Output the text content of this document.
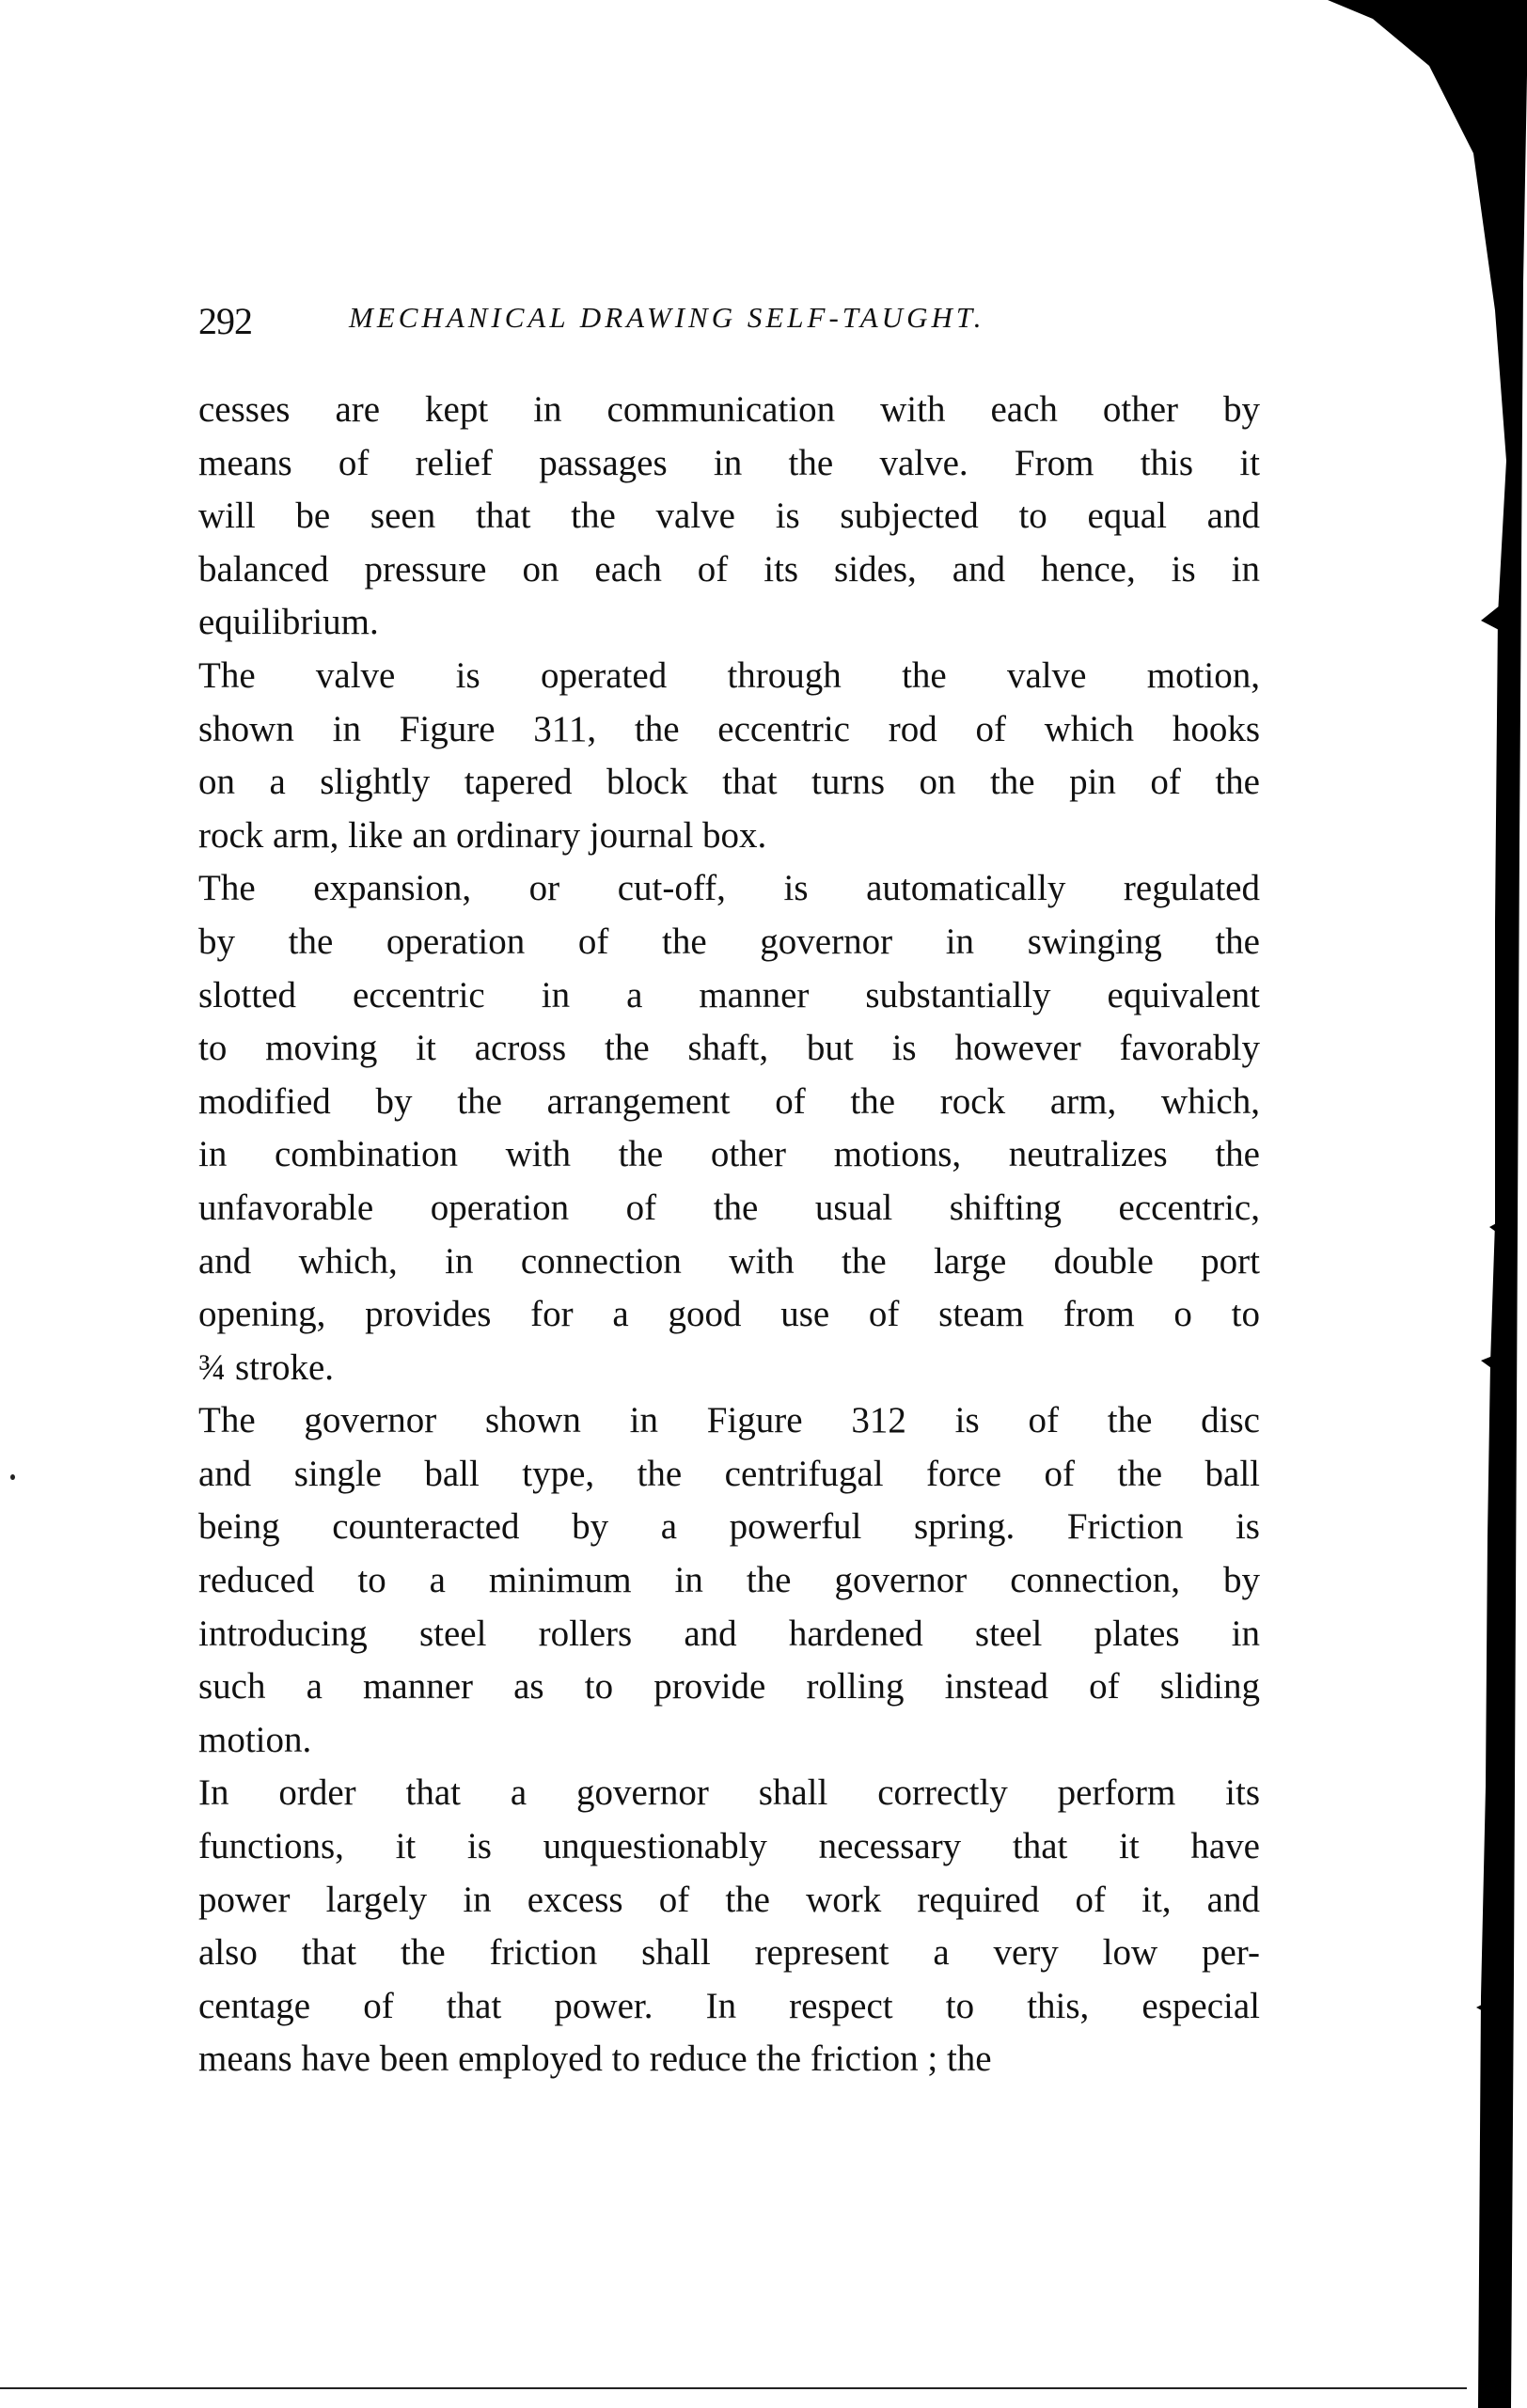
292	MECHANICAL DRAWING SELF-TAUGHT.
cesses are kept in communication with each other by
means of relief passages in the valve. From this it
will be seen that the valve is subjected to equal and
balanced pressure on each of its sides, and hence, is in
equilibrium.
The valve is operated through the valve motion,
shown in Figure 311, the eccentric rod of which hooks
on a slightly tapered block that turns on the pin of the
rock arm, like an ordinary journal box.
The expansion, or cut-off, is automatically regulated
by the operation of the governor in swinging the
slotted eccentric in a manner substantially equivalent
to moving it across the shaft, but is however favorably
modified by the arrangement of the rock arm, which,
in combination with the other motions, neutralizes the
unfavorable operation of the usual shifting eccentric,
and which, in connection with the large double port
opening, provides for a good use of steam from o to
¾ stroke.
The governor shown in Figure 312 is of the disc
and single ball type, the centrifugal force of the ball
being counteracted by a powerful spring. Friction is
reduced to a minimum in the governor connection, by
introducing steel rollers and hardened steel plates in
such a manner as to provide rolling instead of sliding
motion.
In order that a governor shall correctly perform its
functions, it is unquestionably necessary that it have
power largely in excess of the work required of it, and
also that the friction shall represent a very low per-
centage of that power. In respect to this, especial
means have been employed to reduce the friction ; the
